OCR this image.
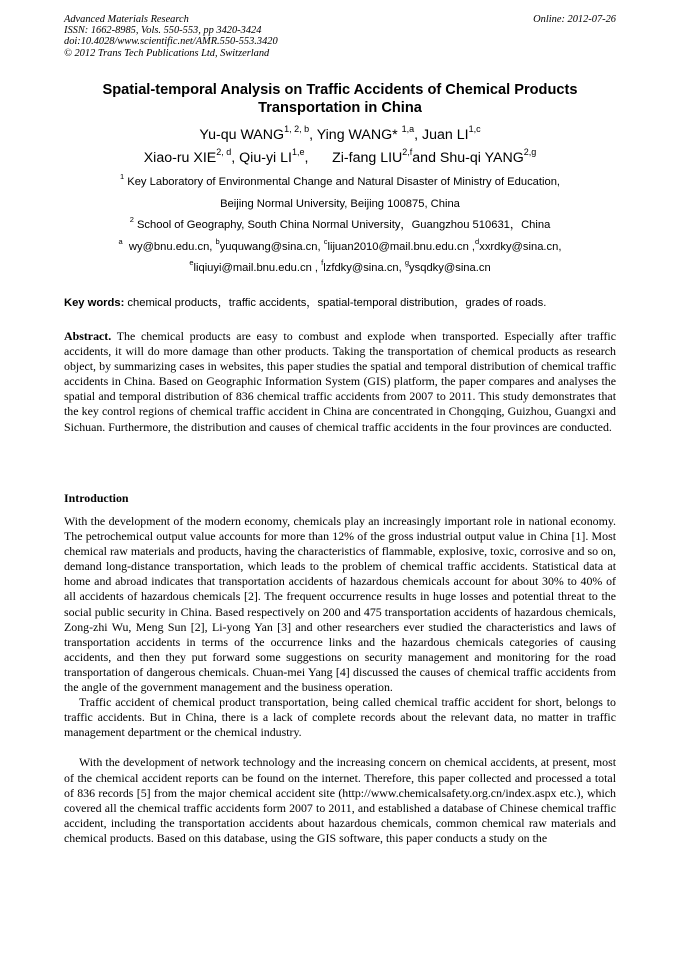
Advanced Materials Research
ISSN: 1662-8985, Vols. 550-553, pp 3420-3424
doi:10.4028/www.scientific.net/AMR.550-553.3420
© 2012 Trans Tech Publications Ltd, Switzerland
Online: 2012-07-26
Spatial-temporal Analysis on Traffic Accidents of Chemical Products
Transportation in China
Yu-qu WANG$^{1, 2, b}$, Ying WANG* $^{1,a}$, Juan LI$^{1,c}$
Xiao-ru XIE$^{2, d}$, Qiu-yi LI$^{1,e}$,      Zi-fang LIU$^{2,f}$and Shu-qi YANG$^{2,g}$
$^1$ Key Laboratory of Environmental Change and Natural Disaster of Ministry of Education,
Beijing Normal University, Beijing 100875, China
$^2$ School of Geography, South China Normal University，Guangzhou 510631，China
$^a$  wy@bnu.edu.cn, $^b$yuquwang@sina.cn, $^c$lijuan2010@mail.bnu.edu.cn ,$^d$xxrdky@sina.cn,
$^e$liqiuyi@mail.bnu.edu.cn , $^f$lzfdky@sina.cn, $^g$ysqdky@sina.cn
Key words: chemical products，traffic accidents，spatial-temporal distribution，grades of roads.
Abstract. The chemical products are easy to combust and explode when transported. Especially after traffic accidents, it will do more damage than other products. Taking the transportation of chemical products as research object, by summarizing cases in websites, this paper studies the spatial and temporal distribution of chemical traffic accidents in China. Based on Geographic Information System (GIS) platform, the paper compares and analyses the spatial and temporal distribution of 836 chemical traffic accidents from 2007 to 2011. This study demonstrates that the key control regions of chemical traffic accident in China are concentrated in Chongqing, Guizhou, Guangxi and Sichuan. Furthermore, the distribution and causes of chemical traffic accidents in the four provinces are conducted.
Introduction

With the development of the modern economy, chemicals play an increasingly important role in national economy. The petrochemical output value accounts for more than 12% of the gross industrial output value in China [1]. Most chemical raw materials and products, having the characteristics of flammable, explosive, toxic, corrosive and so on, demand long-distance transportation, which leads to the problem of chemical traffic accidents. Statistical data at home and abroad indicates that transportation accidents of hazardous chemicals account for about 30% to 40% of all accidents of hazardous chemicals [2]. The frequent occurrence results in huge losses and potential threat to the social public security in China. Based respectively on 200 and 475 transportation accidents of hazardous chemicals, Zong-zhi Wu, Meng Sun [2], Li-yong Yan [3] and other researchers ever studied the characteristics and laws of transportation accidents in terms of the occurrence links and the hazardous chemicals categories of causing accidents, and then they put forward some suggestions on security management and monitoring for the road transportation of dangerous chemicals. Chuan-mei Yang [4] discussed the causes of chemical traffic accidents from the angle of the government management and the business operation.

Traffic accident of chemical product transportation, being called chemical traffic accident for short, belongs to traffic accidents. But in China, there is a lack of complete records about the relevant data, no matter in traffic management department or the chemical industry.

With the development of network technology and the increasing concern on chemical accidents, at present, most of the chemical accident reports can be found on the internet. Therefore, this paper collected and processed a total of 836 records [5] from the major chemical accident site (http://www.chemicalsafety.org.cn/index.aspx etc.), which covered all the chemical traffic accidents form 2007 to 2011, and established a database of Chinese chemical traffic accident, including the transportation accidents about hazardous chemicals, common chemical raw materials and chemical products. Based on this database, using the GIS software, this paper conducts a study on the
